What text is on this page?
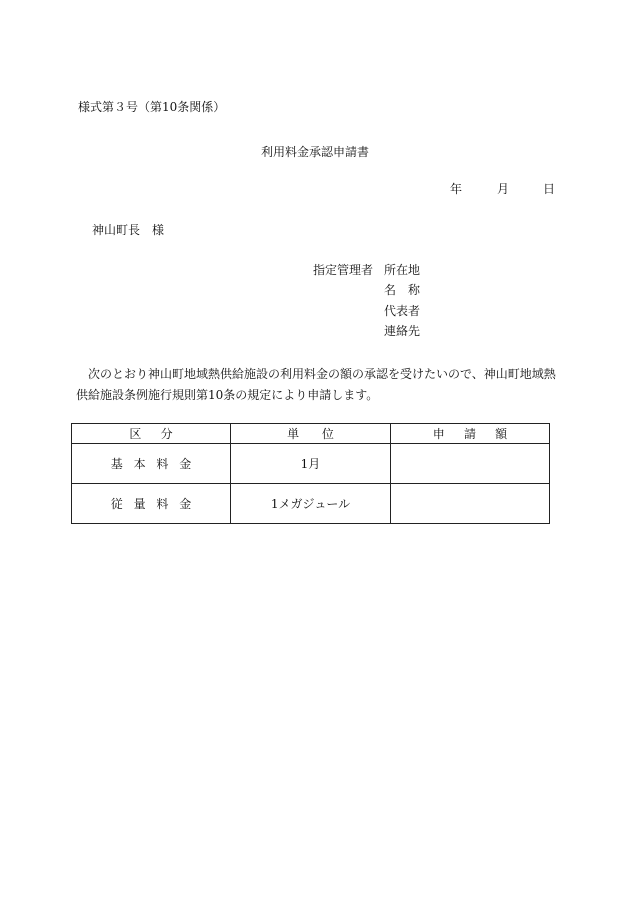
様式第３号（第10条関係）
利用料金承認申請書
年	月	日
神山町長 様
指定管理者 所在地
名　称
代表者
連絡先
次のとおり神山町地域熱供給施設の利用料金の額の承認を受けたいので、神山町地域熱供給施設条例施行規則第10条の規定により申請します。
区分	単位	申請額
基本料金	1月	
従量料金	1メガジュール	
